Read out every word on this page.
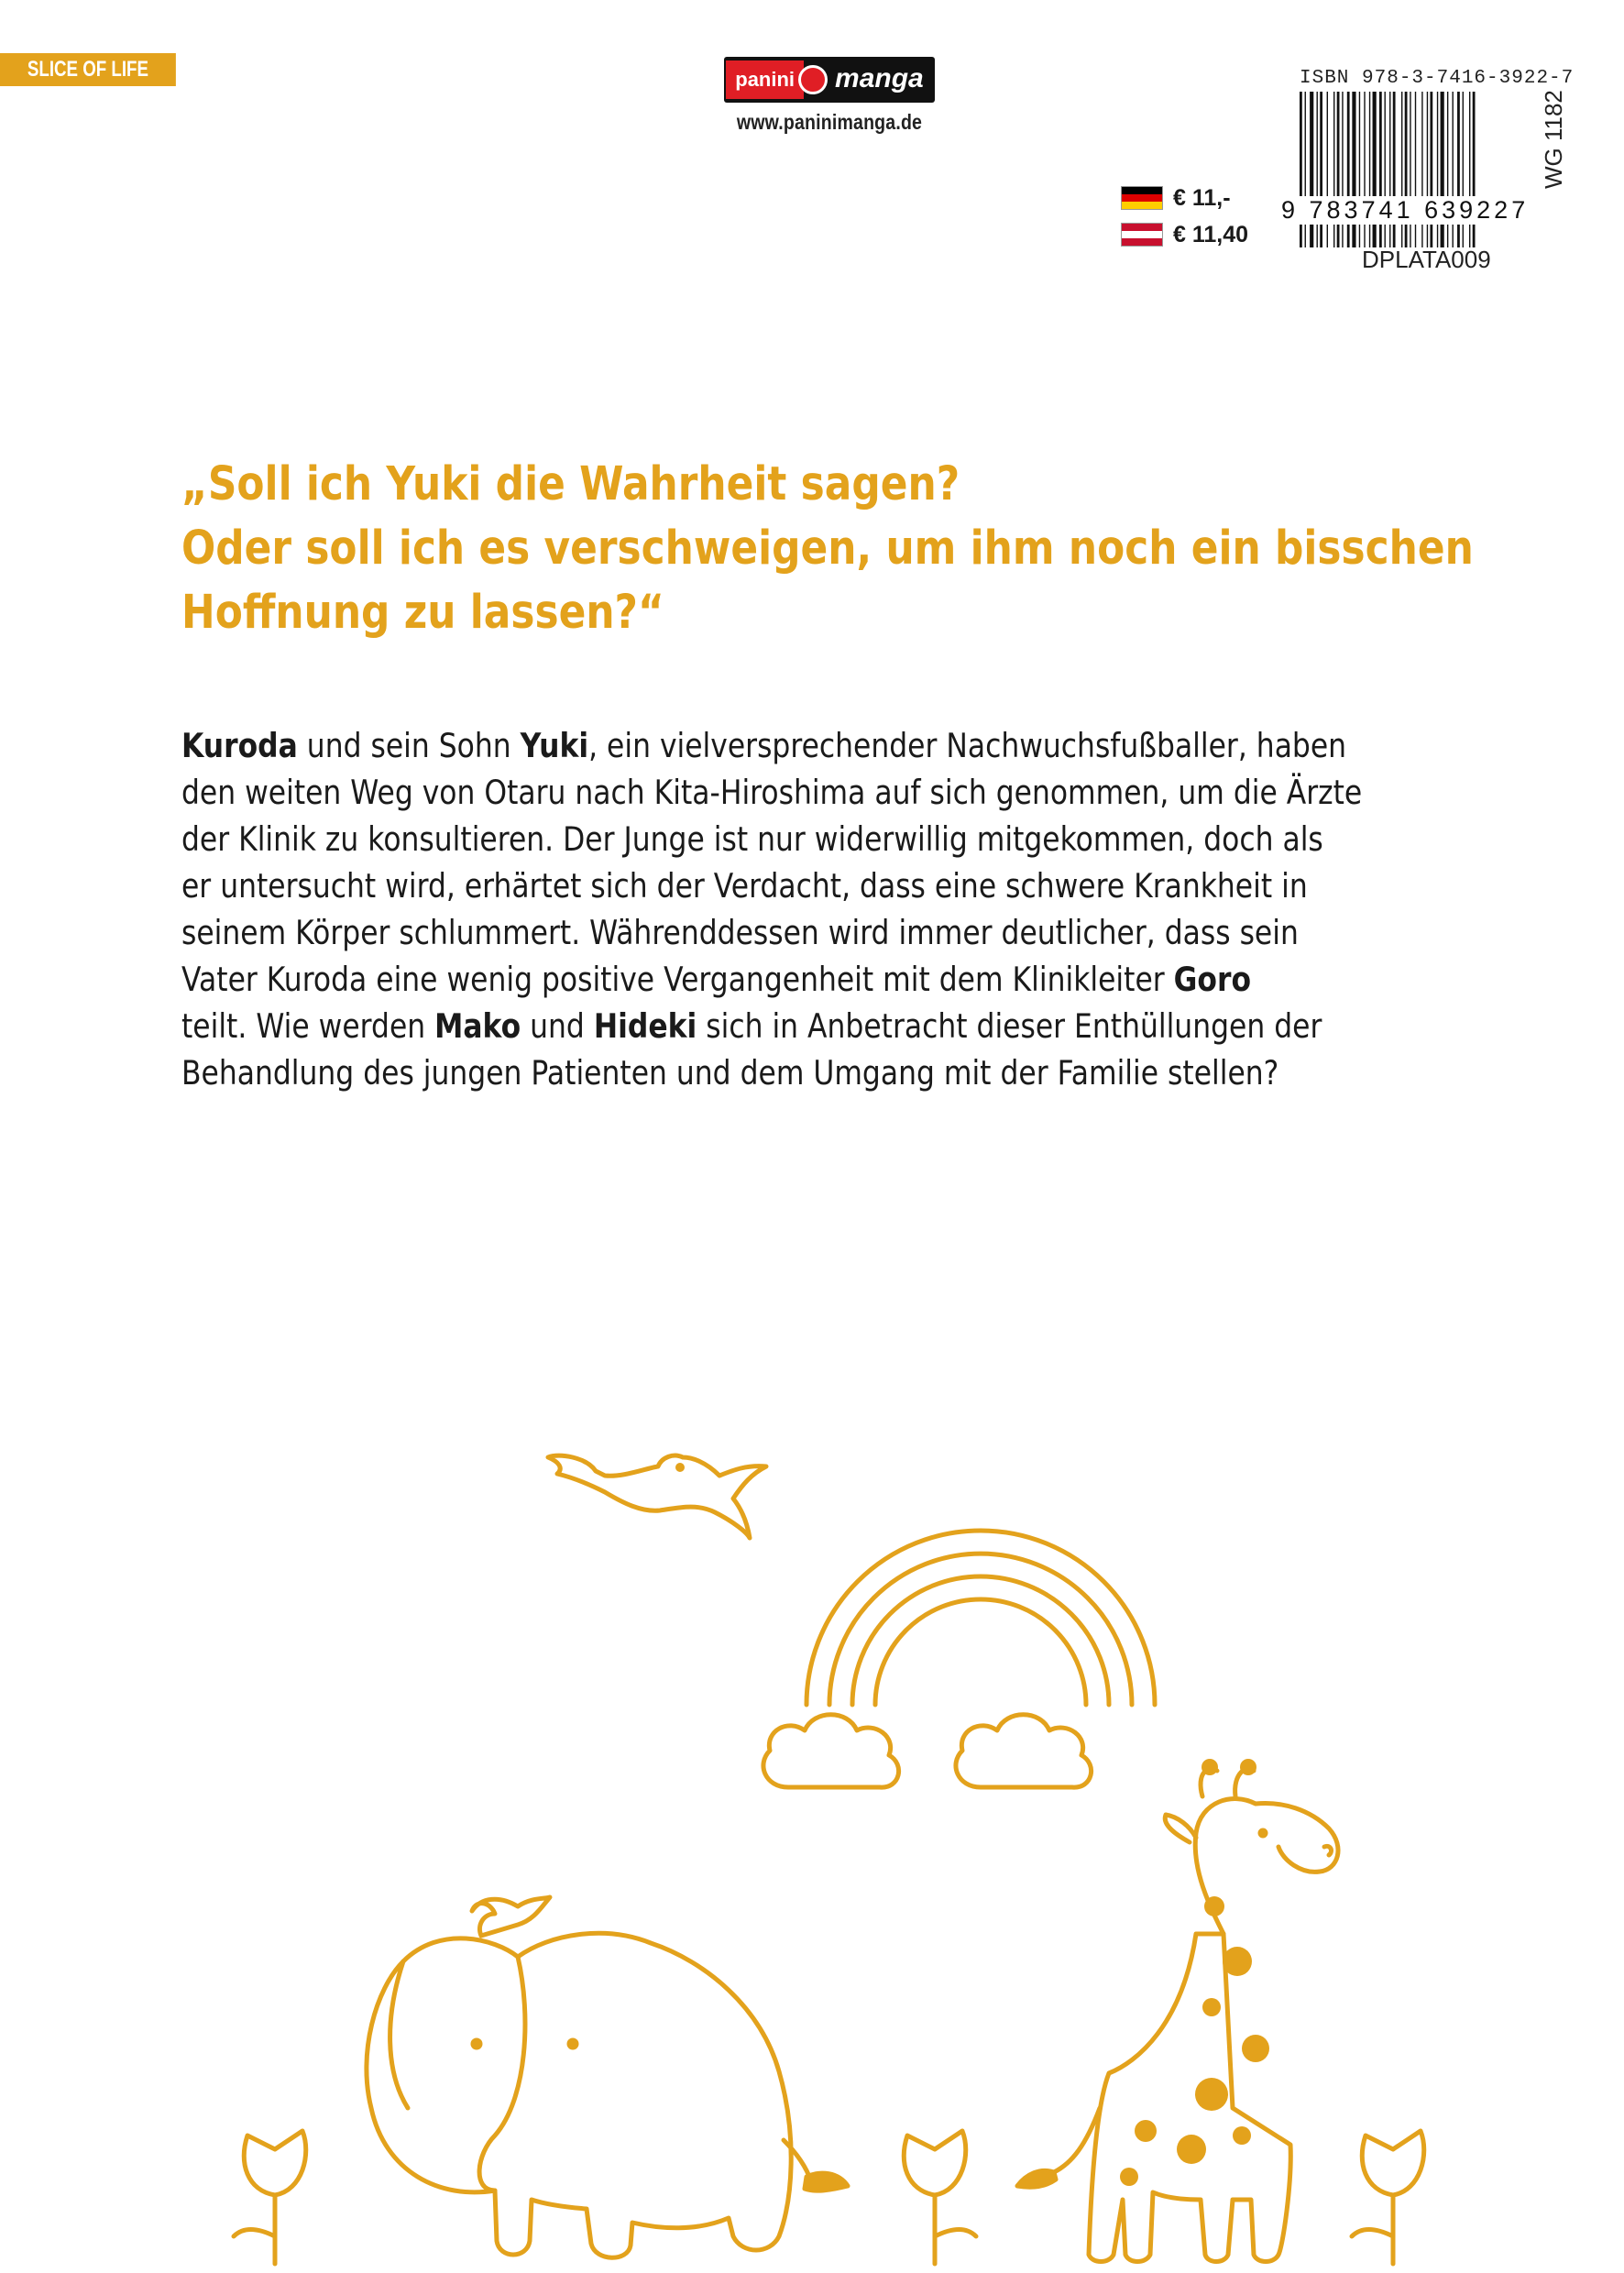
SLICE OF LIFE	panini	manga
www.paninimanga.de
€ 11,-
€ 11,40
ISBN 978-3-7416-3922-7
9 783741 639227
DPLATA009
WG 1182
„Soll ich Yuki die Wahrheit sagen?
Oder soll ich es verschweigen, um ihm noch ein bisschen
Hoffnung zu lassen?“

Kuroda und sein Sohn Yuki, ein vielversprechender Nachwuchsfußballer, haben

den weiten Weg von Otaru nach Kita-Hiroshima auf sich genommen, um die Ärzte

der Klinik zu konsultieren. Der Junge ist nur widerwillig mitgekommen, doch als

er untersucht wird, erhärtet sich der Verdacht, dass eine schwere Krankheit in

seinem Körper schlummert. Währenddessen wird immer deutlicher, dass sein

Vater Kuroda eine wenig positive Vergangenheit mit dem Klinikleiter Goro

teilt. Wie werden Mako und Hideki sich in Anbetracht dieser Enthüllungen der

Behandlung des jungen Patienten und dem Umgang mit der Familie stellen?
